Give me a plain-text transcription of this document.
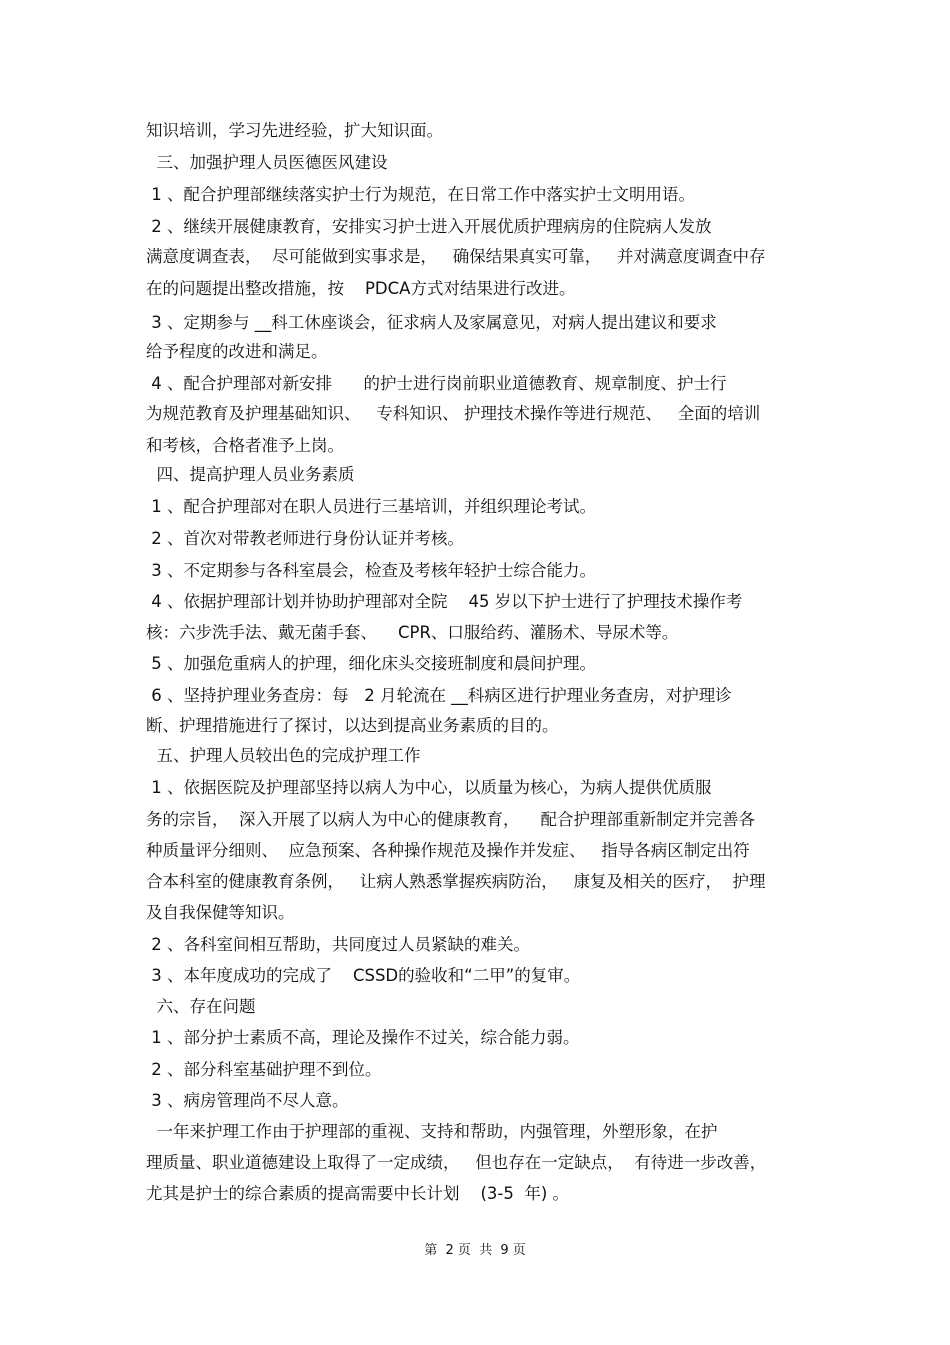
知识培训，学习先进经验，扩大知识面。
三、加强护理人员医德医风建设
1 、配合护理部继续落实护士行为规范，在日常工作中落实护士文明用语。
2 、继续开展健康教育，安排实习护士进入开展优质护理病房的住院病人发放
满意度调查表，  尽可能做到实事求是，   确保结果真实可靠，   并对满意度调查中存
在的问题提出整改措施，按    PDCA方式对结果进行改进。
3 、定期参与 __科工休座谈会，征求病人及家属意见，对病人提出建议和要求
给予程度的改进和满足。
4 、配合护理部对新安排      的护士进行岗前职业道德教育、规章制度、护士行
为规范教育及护理基础知识、   专科知识、 护理技术操作等进行规范、   全面的培训
和考核，合格者准予上岗。
四、提高护理人员业务素质
1 、配合护理部对在职人员进行三基培训，并组织理论考试。
2 、首次对带教老师进行身份认证并考核。
3 、不定期参与各科室晨会，检查及考核年轻护士综合能力。
4 、依据护理部计划并协助护理部对全院    45 岁以下护士进行了护理技术操作考
核：六步洗手法、戴无菌手套、    CPR、口服给药、灌肠术、导尿术等。
5 、加强危重病人的护理，细化床头交接班制度和晨间护理。
6 、坚持护理业务查房：每   2 月轮流在 __科病区进行护理业务查房，对护理诊
断、护理措施进行了探讨，以达到提高业务素质的目的。
五、护理人员较出色的完成护理工作
1 、依据医院及护理部坚持以病人为中心，以质量为核心，为病人提供优质服
务的宗旨，  深入开展了以病人为中心的健康教育，    配合护理部重新制定并完善各
种质量评分细则、  应急预案、各种操作规范及操作并发症、   指导各病区制定出符
合本科室的健康教育条例，   让病人熟悉掌握疾病防治，   康复及相关的医疗，  护理
及自我保健等知识。
2 、各科室间相互帮助，共同度过人员紧缺的难关。
3 、本年度成功的完成了    CSSD的验收和“二甲”的复审。
六、存在问题
1 、部分护士素质不高，理论及操作不过关，综合能力弱。
2 、部分科室基础护理不到位。
3 、病房管理尚不尽人意。
一年来护理工作由于护理部的重视、支持和帮助，内强管理，外塑形象，在护
理质量、职业道德建设上取得了一定成绩，   但也存在一定缺点，  有待进一步改善，
尤其是护士的综合素质的提高需要中长计划    (3-5  年) 。
第  2 页  共  9 页
